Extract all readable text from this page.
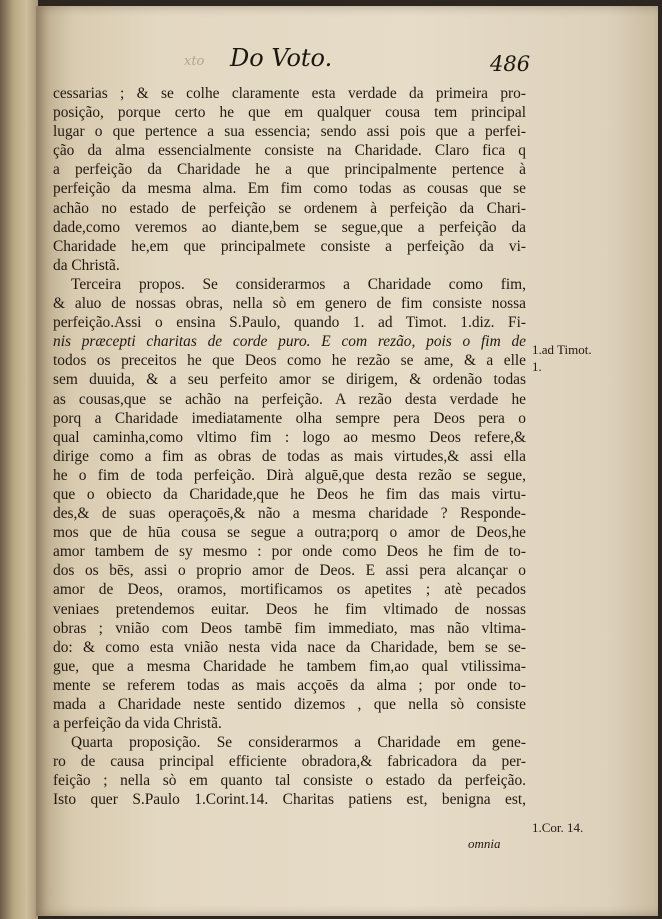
xto Do Voto.	486
cessarias ; & se colhe claramente esta verdade da primeira pro-
posição, porque certo he que em qualquer cousa tem principal
lugar o que pertence a sua essencia; sendo assi pois que a perfei-
ção da alma essencialmente consiste na Charidade. Claro fica q
a perfeição da Charidade he a que principalmente pertence à
perfeição da mesma alma. Em fim como todas as cousas que se
achão no estado de perfeição se ordenem à perfeição da Chari-
dade,como veremos ao diante,bem se segue,que a perfeição da
Charidade he,em que principalmete consiste a perfeição da vi-
da Christã.
Terceira propos. Se considerarmos a Charidade como fim,
& aluo de nossas obras, nella sò em genero de fim consiste nossa
perfeição.Assi o ensina S.Paulo, quando 1. ad Timot. 1.diz. Fi-
nis præcepti charitas de corde puro. E com rezão, pois o fim de
todos os preceitos he que Deos como he rezão se ame, & a elle
sem duuida, & a seu perfeito amor se dirigem, & ordenão todas
as cousas,que se achão na perfeição. A rezão desta verdade he
porq a Charidade imediatamente olha sempre pera Deos pera o
qual caminha,como vltimo fim : logo ao mesmo Deos refere,&
dirige como a fim as obras de todas as mais virtudes,& assi ella
he o fim de toda perfeição. Dirà alguē,que desta rezão se segue,
que o obiecto da Charidade,que he Deos he fim das mais virtu-
des,& de suas operaçoēs,& não a mesma charidade ? Responde-
mos que de hūa cousa se segue a outra;porq o amor de Deos,he
amor tambem de sy mesmo : por onde como Deos he fim de to-
dos os bēs, assi o proprio amor de Deos. E assi pera alcançar o
amor de Deos, oramos, mortificamos os apetites ; atè pecados
veniaes pretendemos euitar. Deos he fim vltimado de nossas
obras ; vnião com Deos tambē fim immediato, mas não vltima-
do: & como esta vnião nesta vida nace da Charidade, bem se se-
gue, que a mesma Charidade he tambem fim,ao qual vtilissima-
mente se referem todas as mais acçoēs da alma ; por onde to-
mada a Charidade neste sentido dizemos , que nella sò consiste
a perfeição da vida Christã.
Quarta proposição. Se considerarmos a Charidade em gene-
ro de causa principal efficiente obradora,& fabricadora da per-
feição ; nella sò em quanto tal consiste o estado da perfeição.
Isto quer S.Paulo 1.Corint.14. Charitas patiens est, benigna est,
1.ad Timot.
1.
1.Cor. 14.
omnia
